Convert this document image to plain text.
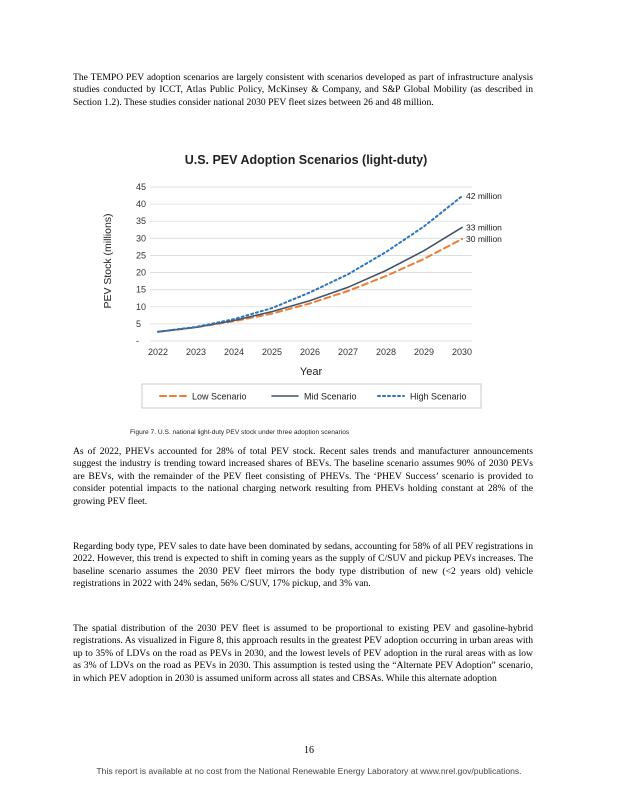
The TEMPO PEV adoption scenarios are largely consistent with scenarios developed as part of infrastructure analysis studies conducted by ICCT, Atlas Public Policy, McKinsey & Company, and S&P Global Mobility (as described in Section 1.2). These studies consider national 2030 PEV fleet sizes between 26 and 48 million.

U.S. PEV Adoption Scenarios (light-duty)
45
40
35
30
25
20
15
10
5
-
2022 2023 2024 2025 2026 2027 2028 2029 2030
PEV Stock (millions)
Year
30 million
33 million
42 million
Low Scenario	Mid Scenario	High Scenario
Figure 7. U.S. national light-duty PEV stock under three adoption scenarios

As of 2022, PHEVs accounted for 28% of total PEV stock. Recent sales trends and manufacturer announcements suggest the industry is trending toward increased shares of BEVs. The baseline scenario assumes 90% of 2030 PEVs are BEVs, with the remainder of the PEV fleet consisting of PHEVs. The ‘PHEV Success’ scenario is provided to consider potential impacts to the national charging network resulting from PHEVs holding constant at 28% of the growing PEV fleet.

Regarding body type, PEV sales to date have been dominated by sedans, accounting for 58% of all PEV registrations in 2022. However, this trend is expected to shift in coming years as the supply of C/SUV and pickup PEVs increases. The baseline scenario assumes the 2030 PEV fleet mirrors the body type distribution of new (<2 years old) vehicle registrations in 2022 with 24% sedan, 56% C/SUV, 17% pickup, and 3% van.

The spatial distribution of the 2030 PEV fleet is assumed to be proportional to existing PEV and gasoline-hybrid registrations. As visualized in Figure 8, this approach results in the greatest PEV adoption occurring in urban areas with up to 35% of LDVs on the road as PEVs in 2030, and the lowest levels of PEV adoption in the rural areas with as low as 3% of LDVs on the road as PEVs in 2030. This assumption is tested using the “Alternate PEV Adoption” scenario, in which PEV adoption in 2030 is assumed uniform across all states and CBSAs. While this alternate adoption

16
This report is available at no cost from the National Renewable Energy Laboratory at www.nrel.gov/publications.
